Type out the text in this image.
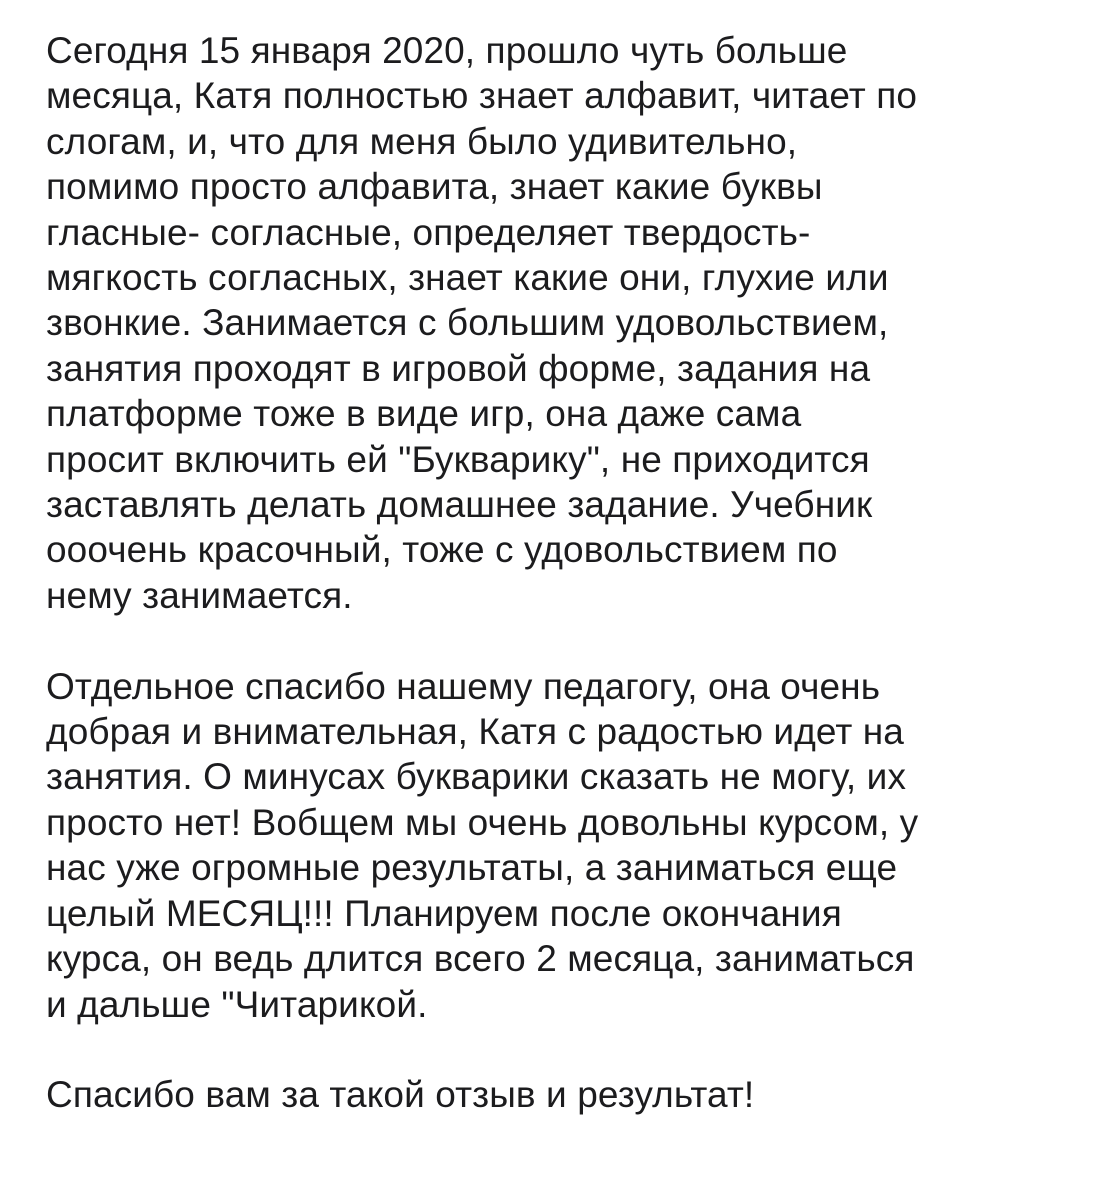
Сегодня 15 января 2020, прошло чуть больше
месяца, Катя полностью знает алфавит, читает по
слогам, и, что для меня было удивительно,
помимо просто алфавита, знает какие буквы
гласные- согласные, определяет твердость-
мягкость согласных, знает какие они, глухие или
звонкие. Занимается с большим удовольствием,
занятия проходят в игровой форме, задания на
платформе тоже в виде игр, она даже сама
просит включить ей "Букварику", не приходится
заставлять делать домашнее задание. Учебник
ооочень красочный, тоже с удовольствием по
нему занимается.
Отдельное спасибо нашему педагогу, она очень
добрая и внимательная, Катя с радостью идет на
занятия. О минусах букварики сказать не могу, их
просто нет! Вобщем мы очень довольны курсом, у
нас уже огромные результаты, а заниматься еще
целый МЕСЯЦ!!! Планируем после окончания
курса, он ведь длится всего 2 месяца, заниматься
и дальше "Читарикой.
Спасибо вам за такой отзыв и результат!
